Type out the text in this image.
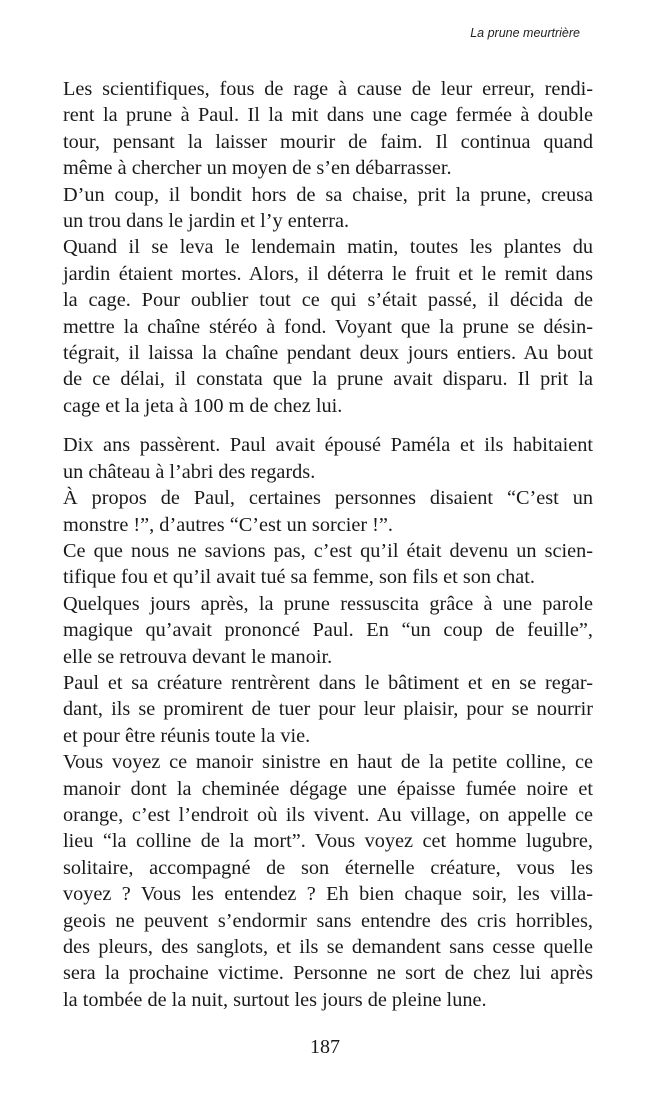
La prune meurtrière
Les scientifiques, fous de rage à cause de leur erreur, rendi-
rent la prune à Paul. Il la mit dans une cage fermée à double
tour, pensant la laisser mourir de faim. Il continua quand
même à chercher un moyen de s’en débarrasser.
D’un coup, il bondit hors de sa chaise, prit la prune, creusa
un trou dans le jardin et l’y enterra.
Quand il se leva le lendemain matin, toutes les plantes du
jardin étaient mortes. Alors, il déterra le fruit et le remit dans
la cage. Pour oublier tout ce qui s’était passé, il décida de
mettre la chaîne stéréo à fond. Voyant que la prune se désin-
tégrait, il laissa la chaîne pendant deux jours entiers. Au bout
de ce délai, il constata que la prune avait disparu. Il prit la
cage et la jeta à 100 m de chez lui.
Dix ans passèrent. Paul avait épousé Paméla et ils habitaient
un château à l’abri des regards.
À propos de Paul, certaines personnes disaient “C’est un
monstre !”, d’autres “C’est un sorcier !”.
Ce que nous ne savions pas, c’est qu’il était devenu un scien-
tifique fou et qu’il avait tué sa femme, son fils et son chat.
Quelques jours après, la prune ressuscita grâce à une parole
magique qu’avait prononcé Paul. En “un coup de feuille”,
elle se retrouva devant le manoir.
Paul et sa créature rentrèrent dans le bâtiment et en se regar-
dant, ils se promirent de tuer pour leur plaisir, pour se nourrir
et pour être réunis toute la vie.
Vous voyez ce manoir sinistre en haut de la petite colline, ce
manoir dont la cheminée dégage une épaisse fumée noire et
orange, c’est l’endroit où ils vivent. Au village, on appelle ce
lieu “la colline de la mort”. Vous voyez cet homme lugubre,
solitaire, accompagné de son éternelle créature, vous les
voyez ? Vous les entendez ? Eh bien chaque soir, les villa-
geois ne peuvent s’endormir sans entendre des cris horribles,
des pleurs, des sanglots, et ils se demandent sans cesse quelle
sera la prochaine victime. Personne ne sort de chez lui après
la tombée de la nuit, surtout les jours de pleine lune.
187
